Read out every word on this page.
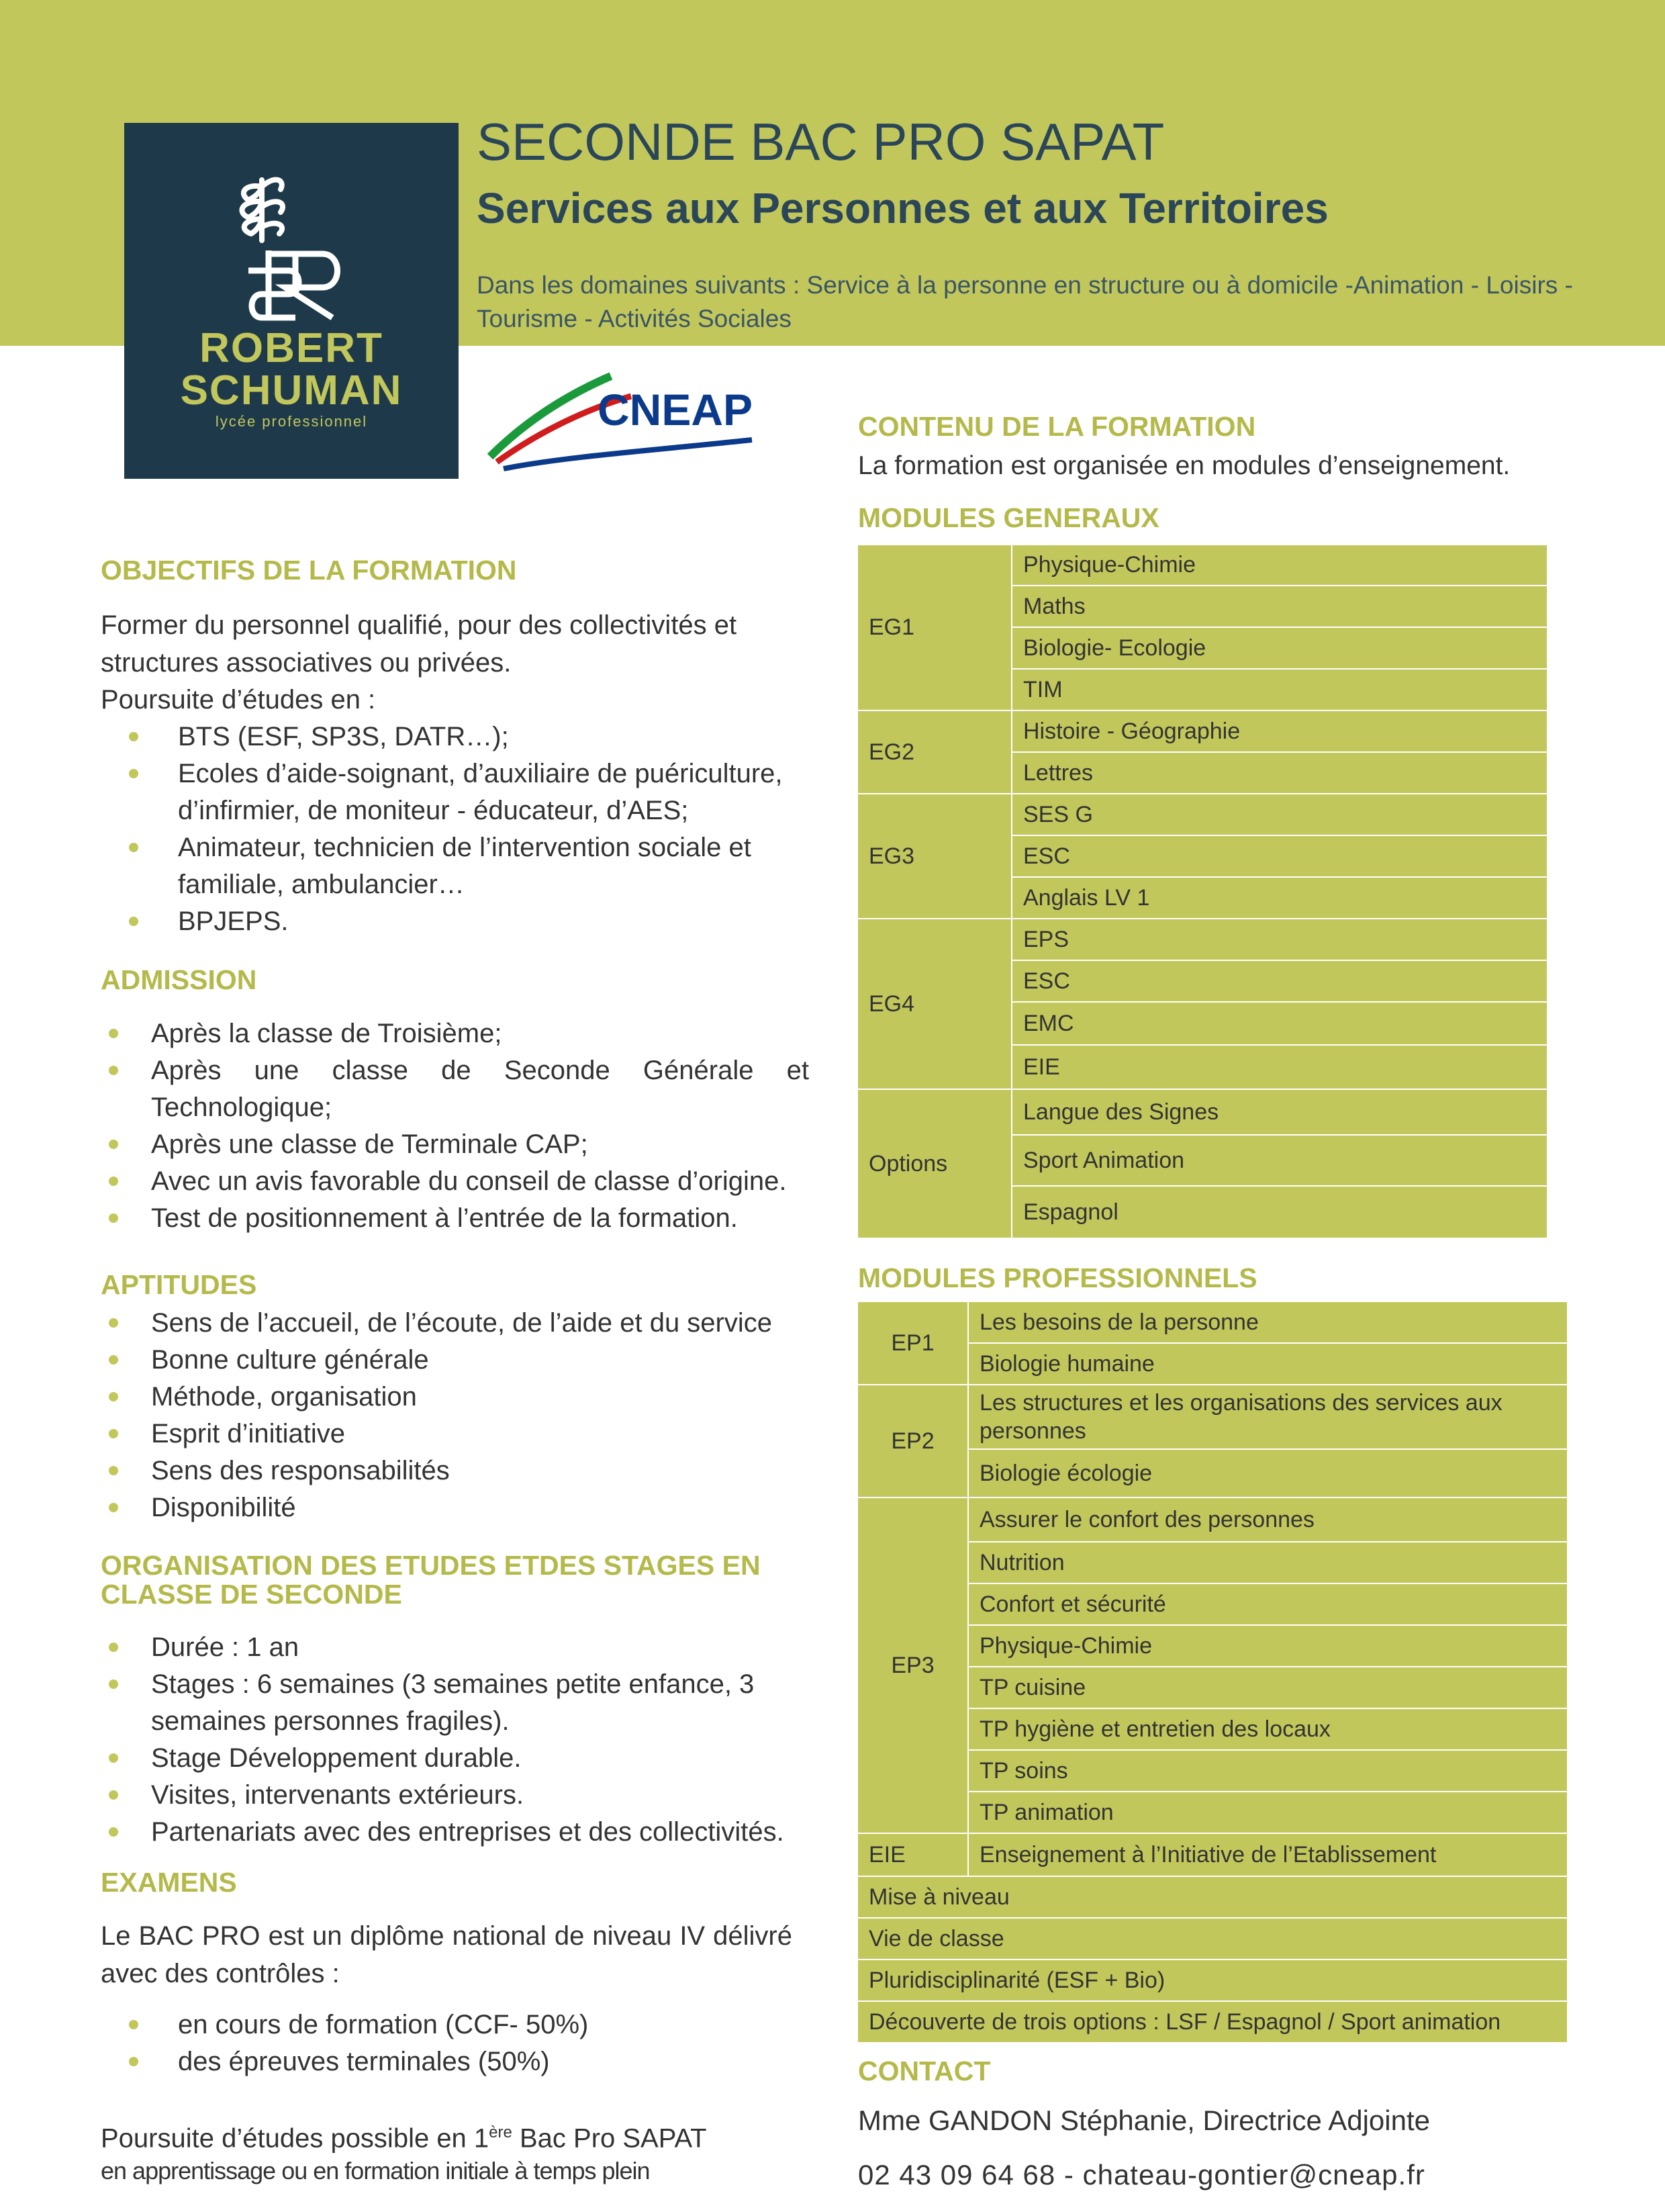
ROBERT
SCHUMAN
lycée professionnel	CNEAP
SECONDE BAC PRO SAPAT
Services aux Personnes et aux Territoires
Dans les domaines suivants : Service à la personne en structure ou à domicile -Animation - Loisirs - Tourisme - Activités Sociales
OBJECTIFS DE LA FORMATION
Former du personnel qualifié, pour des collectivités et structures associatives ou privées.
Poursuite d’études en :
BTS (ESF, SP3S, DATR…);
Ecoles d’aide-soignant, d’auxiliaire de puériculture, d’infirmier, de moniteur - éducateur, d’AES;
Animateur, technicien de l’intervention sociale et familiale, ambulancier…
BPJEPS.
ADMISSION
Après la classe de Troisième;
Après une classe de Seconde Générale et Technologique;
Après une classe de Terminale CAP;
Avec un avis favorable du conseil de classe d’origine.
Test de positionnement à l’entrée de la formation.
APTITUDES
Sens de l’accueil, de l’écoute, de l’aide et du service
Bonne culture générale
Méthode, organisation
Esprit d’initiative
Sens des responsabilités
Disponibilité
ORGANISATION DES ETUDES ETDES STAGES EN
CLASSE DE SECONDE
Durée : 1 an
Stages : 6 semaines (3 semaines petite enfance, 3 semaines personnes fragiles).
Stage Développement durable.
Visites, intervenants extérieurs.
Partenariats avec des entreprises et des collectivités.
EXAMENS
Le BAC PRO est un diplôme national de niveau IV délivré avec des contrôles :
en cours de formation (CCF- 50%)
des épreuves terminales (50%)
Poursuite d’études possible en 1ère Bac Pro SAPAT
en apprentissage ou en formation initiale à temps plein
CONTENU DE LA FORMATION
La formation est organisée en modules d’enseignement.
MODULES GENERAUX
EG1	Physique-Chimie
	Maths
	Biologie- Ecologie
	TIM
EG2	Histoire - Géographie
	Lettres
EG3	SES G
	ESC
	Anglais LV 1
EG4	EPS
	ESC
	EMC
	EIE
Options	Langue des Signes
	Sport Animation
	Espagnol
MODULES PROFESSIONNELS
EP1	Les besoins de la personne
	Biologie humaine
EP2	Les structures et les organisations des services aux personnes
	Biologie écologie
EP3	Assurer le confort des personnes
	Nutrition
	Confort et sécurité
	Physique-Chimie
	TP cuisine
	TP hygiène et entretien des locaux
	TP soins
	TP animation
EIE	Enseignement à l’Initiative de l’Etablissement
Mise à niveau	
Vie de classe	
Pluridisciplinarité (ESF + Bio)	
Découverte de trois options : LSF / Espagnol / Sport animation	
CONTACT
Mme GANDON Stéphanie, Directrice Adjointe
02 43 09 64 68 - chateau-gontier@cneap.fr
